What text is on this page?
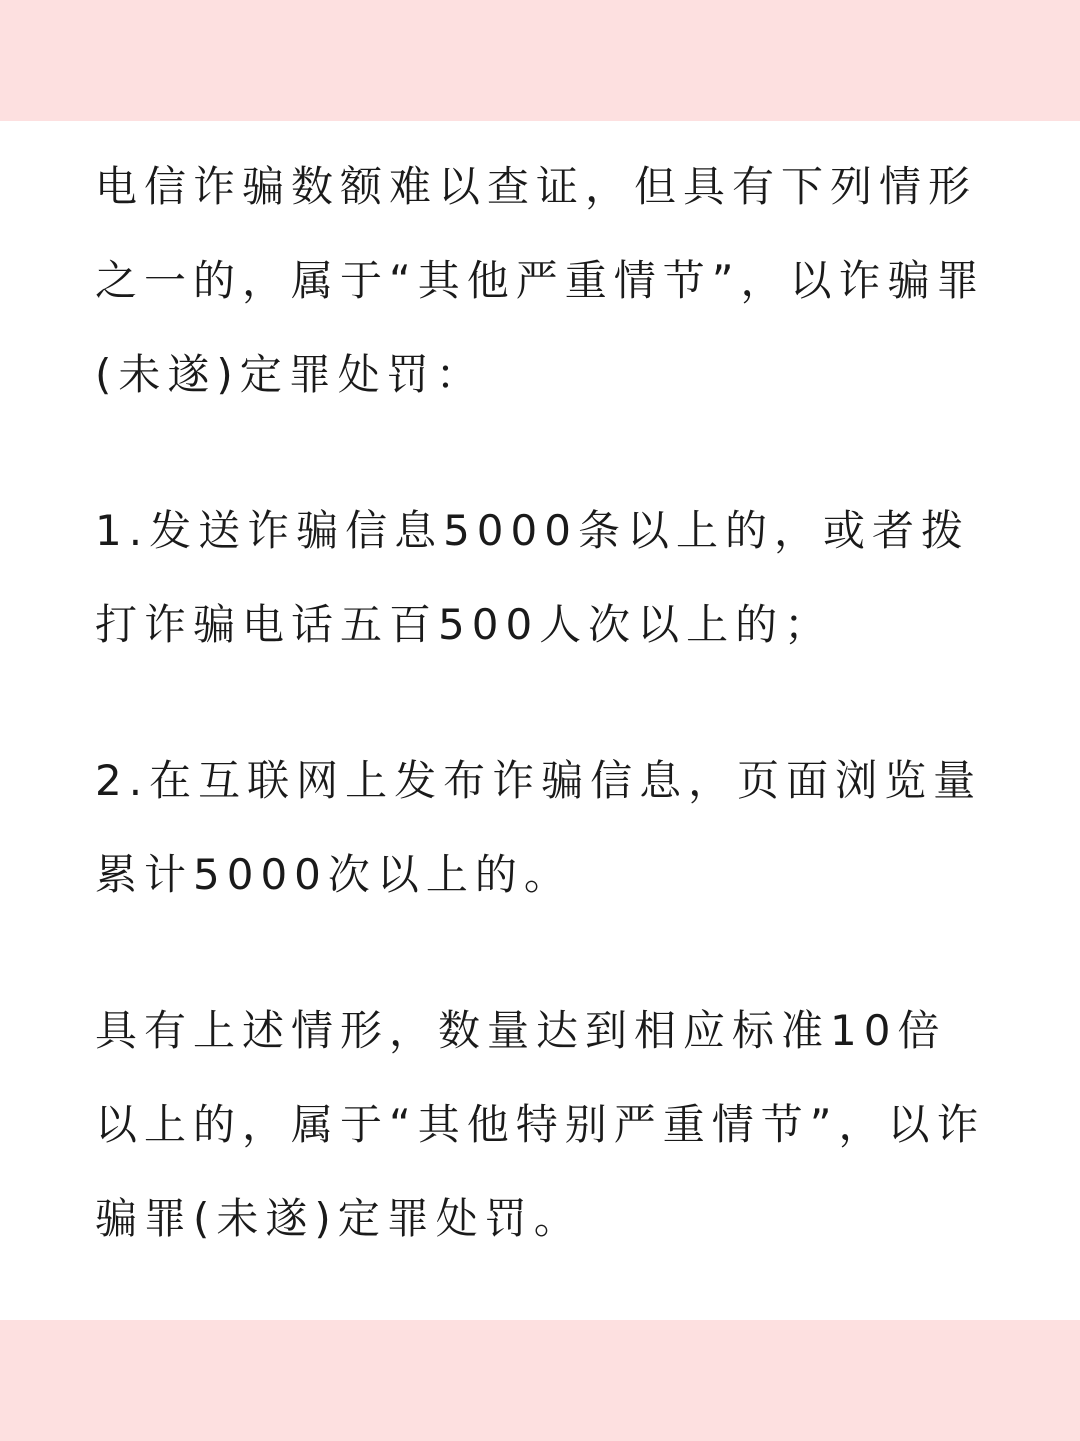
电信诈骗数额难以查证，但具有下列情形之一的，属于“其他严重情节”，以诈骗罪(未遂)定罪处罚：

1.发送诈骗信息5000条以上的，或者拨打诈骗电话五百500人次以上的；

2.在互联网上发布诈骗信息，页面浏览量累计5000次以上的。

具有上述情形，数量达到相应标准10倍以上的，属于“其他特别严重情节”，以诈骗罪(未遂)定罪处罚。
